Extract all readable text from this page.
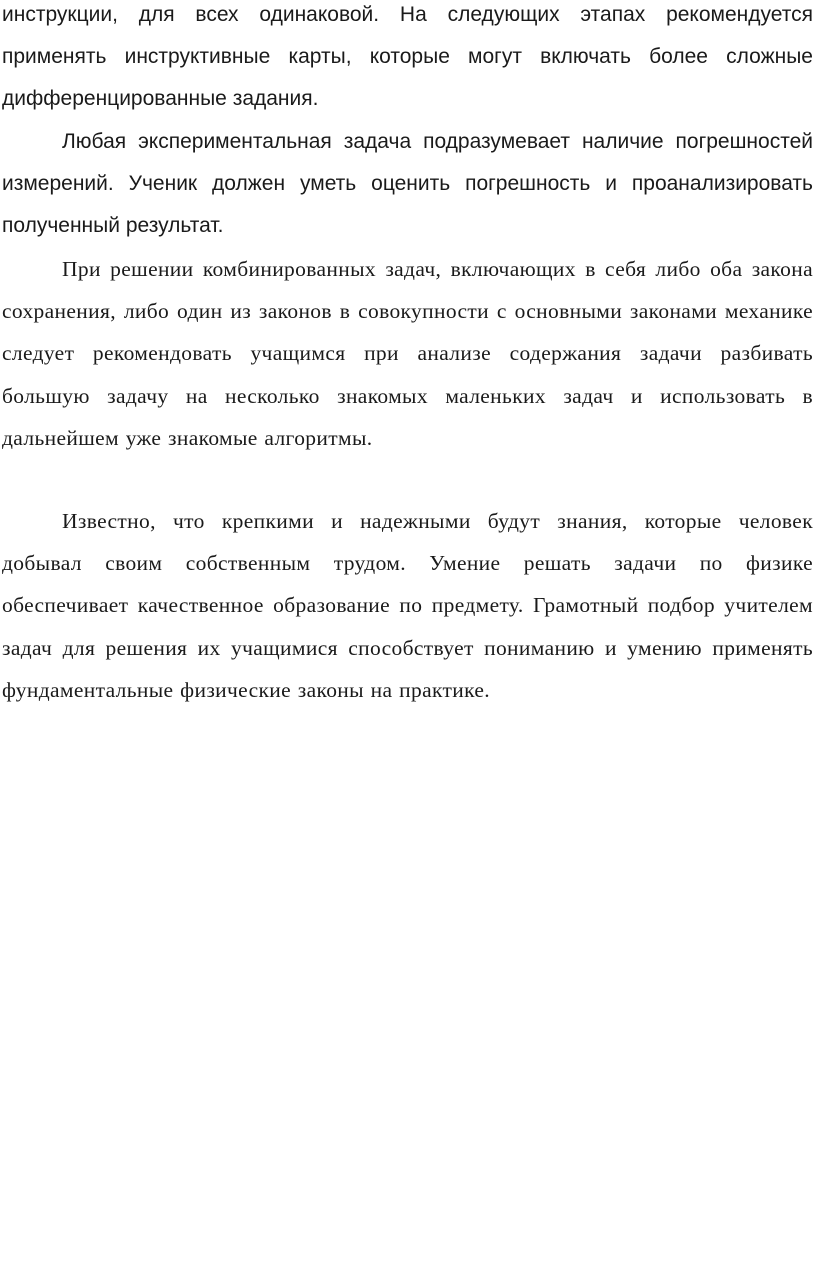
инструкции, для всех одинаковой. На следующих этапах рекомендуется применять инструктивные карты, которые могут включать более сложные дифференцированные задания.

Любая экспериментальная задача подразумевает наличие погрешностей измерений. Ученик должен уметь оценить погрешность и проанализировать полученный результат.

При решении комбинированных задач, включающих в себя либо оба закона сохранения, либо один из законов в совокупности с основными законами механике следует рекомендовать учащимся при анализе содержания задачи разбивать большую задачу на несколько знакомых маленьких задач и использовать в дальнейшем уже знакомые алгоритмы.

Известно, что крепкими и надежными будут знания, которые человек добывал своим собственным трудом. Умение решать задачи по физике обеспечивает качественное образование по предмету. Грамотный подбор учителем задач для решения их учащимися способствует пониманию и умению применять фундаментальные физические законы на практике.
